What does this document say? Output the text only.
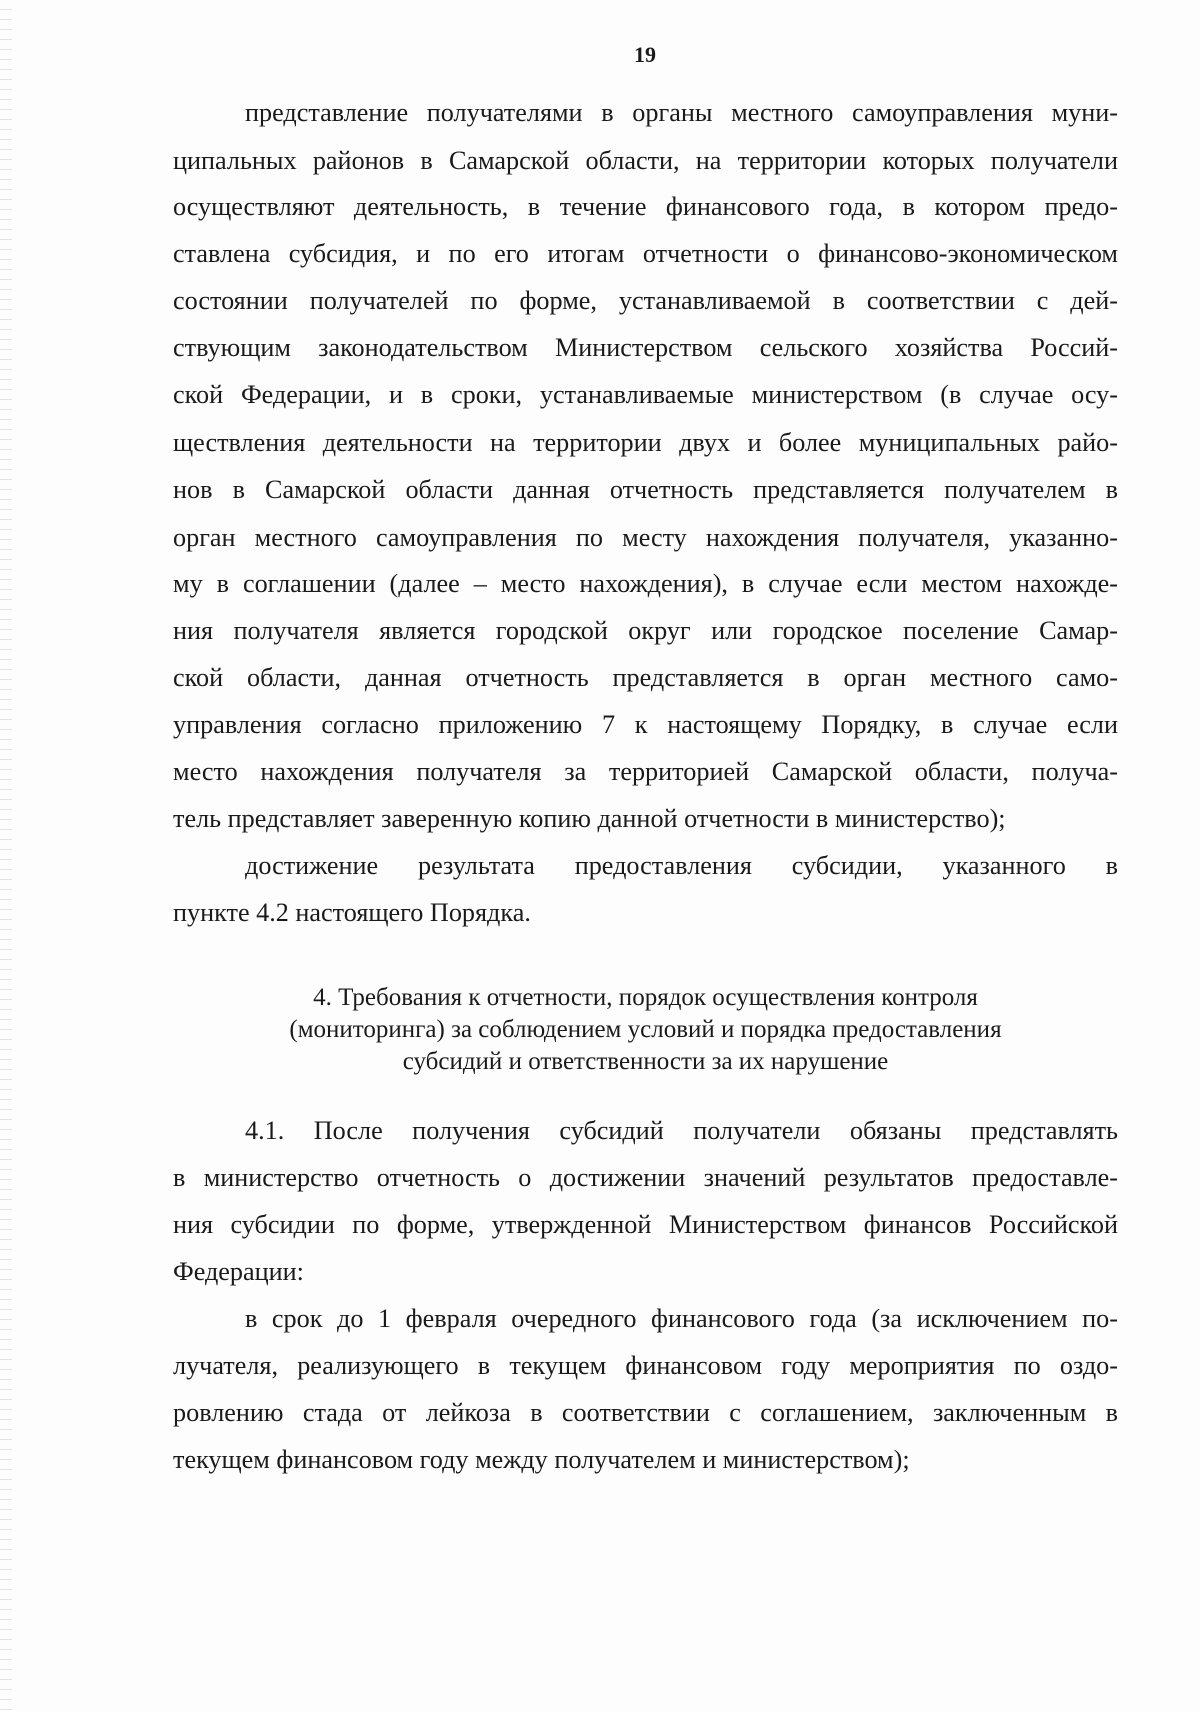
19
представление получателями в органы местного самоуправления муни-
ципальных районов в Самарской области, на территории которых получатели
осуществляют деятельность, в течение финансового года, в котором предо-
ставлена субсидия, и по его итогам отчетности о финансово-экономическом
состоянии получателей по форме, устанавливаемой в соответствии с дей-
ствующим законодательством Министерством сельского хозяйства Россий-
ской Федерации, и в сроки, устанавливаемые министерством (в случае осу-
ществления деятельности на территории двух и более муниципальных райо-
нов в Самарской области данная отчетность представляется получателем в
орган местного самоуправления по месту нахождения получателя, указанно-
му в соглашении (далее – место нахождения), в случае если местом нахожде-
ния получателя является городской округ или городское поселение Самар-
ской области, данная отчетность представляется в орган местного само-
управления согласно приложению 7 к настоящему Порядку, в случае если
место нахождения получателя за территорией Самарской области, получа-
тель представляет заверенную копию данной отчетности в министерство);
достижение результата предоставления субсидии, указанного в
пункте 4.2 настоящего Порядка.
4. Требования к отчетности, порядок осуществления контроля
(мониторинга) за соблюдением условий и порядка предоставления
субсидий и ответственности за их нарушение
4.1. После получения субсидий получатели обязаны представлять
в министерство отчетность о достижении значений результатов предоставле-
ния субсидии по форме, утвержденной Министерством финансов Российской
Федерации:
в срок до 1 февраля очередного финансового года (за исключением по-
лучателя, реализующего в текущем финансовом году мероприятия по оздо-
ровлению стада от лейкоза в соответствии с соглашением, заключенным в
текущем финансовом году между получателем и министерством);
